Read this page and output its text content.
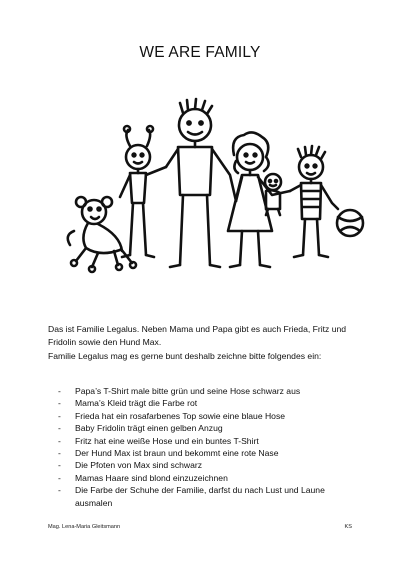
WE ARE FAMILY

Das ist Familie Legalus. Neben Mama und Papa gibt es auch Frieda, Fritz und Fridolin sowie den Hund Max.

Familie Legalus mag es gerne bunt deshalb zeichne bitte folgendes ein:

- Papa’s T-Shirt male bitte grün und seine Hose schwarz aus
- Mama’s Kleid trägt die Farbe rot
- Frieda hat ein rosafarbenes Top sowie eine blaue Hose
- Baby Fridolin trägt einen gelben Anzug
- Fritz hat eine weiße Hose und ein buntes T-Shirt
- Der Hund Max ist braun und bekommt eine rote Nase
- Die Pfoten von Max sind schwarz
- Mamas Haare sind blond einzuzeichnen
- Die Farbe der Schuhe der Familie, darfst du nach Lust und Laune ausmalen
Mag. Lena-Maria Gleitsmann	KS
